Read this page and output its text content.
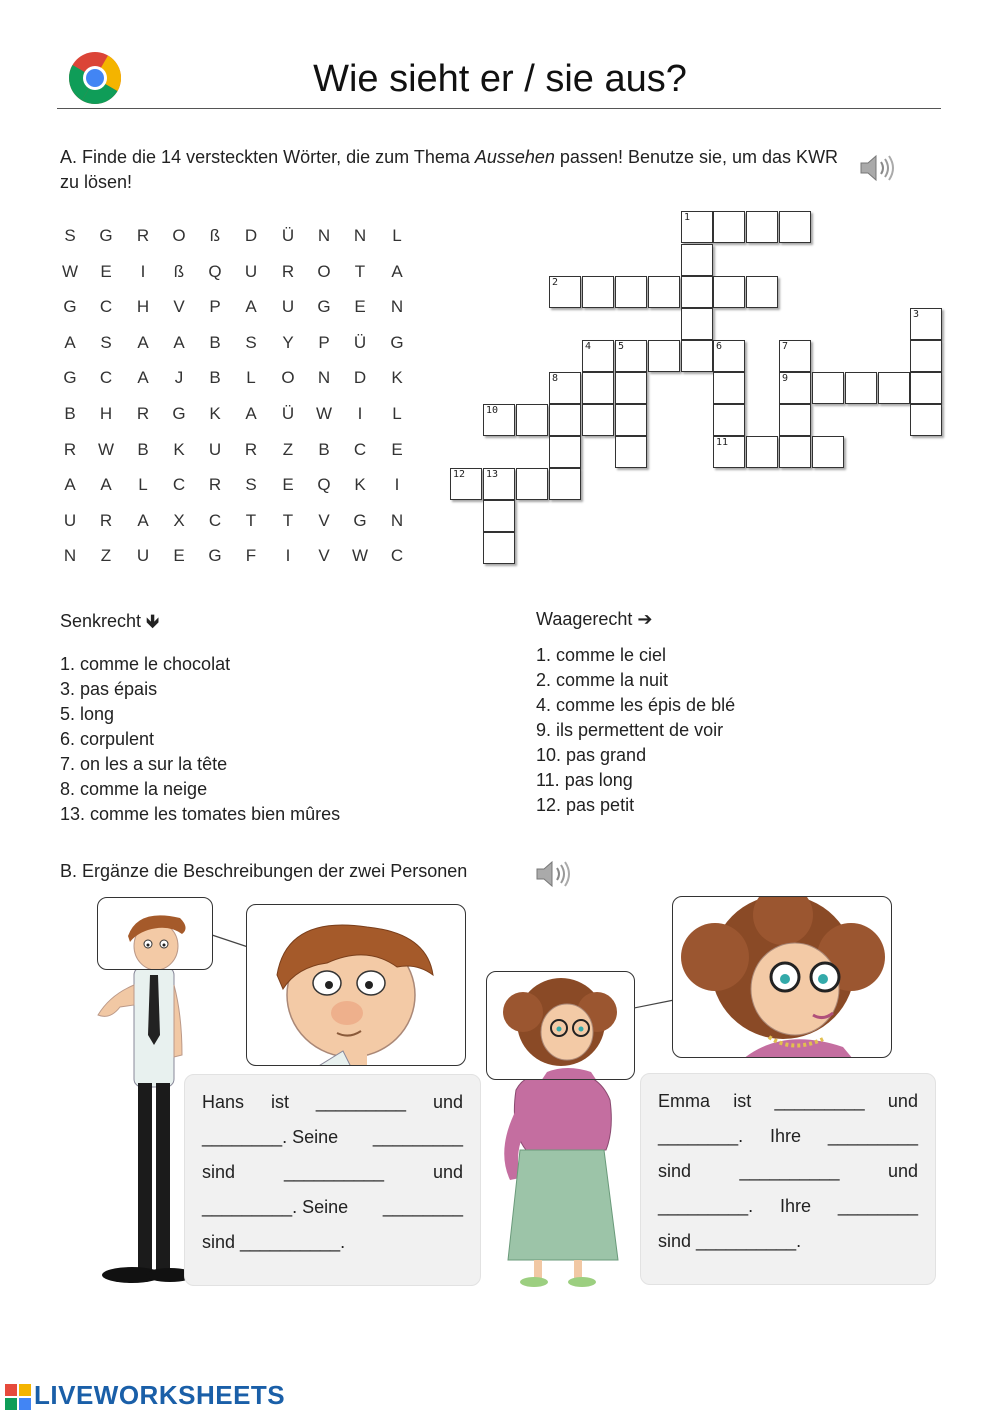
Wie sieht er / sie aus?
A. Finde die 14 versteckten Wörter, die zum Thema Aussehen passen! Benutze sie, um das KWR zu lösen!
S	G	R	O	ß	D	Ü	N	N	L
W	E	I	ß	Q	U	R	O	T	A
G	C	H	V	P	A	U	G	E	N
A	S	A	A	B	S	Y	P	Ü	G
G	C	A	J	B	L	O	N	D	K
B	H	R	G	K	A	Ü	W	I	L
R	W	B	K	U	R	Z	B	C	E
A	A	L	C	R	S	E	Q	K	I
U	R	A	X	C	T	T	V	G	N
N	Z	U	E	G	F	I	V	W	C
1
2
3
4	5	6	7
8	9
10
11
12 13
Senkrecht 🡻
1. comme le chocolat
3. pas épais
5. long
6. corpulent
7. on les a sur la tête
8. comme la neige
13. comme les tomates bien mûres
Waagerecht ➔
1. comme le ciel
2. comme la nuit
4. comme les épis de blé
9. ils permettent de voir
10. pas grand
11. pas long
12. pas petit
B. Ergänze die Beschreibungen der zwei Personen
Hans ist _________ und
________. Seine _________
sind	__________	und
_________. Seine ________
sind __________.
Emma ist _________ und
________. Ihre _________
sind	__________	und
_________. Ihre ________
sind __________.
LIVEWORKSHEETS
